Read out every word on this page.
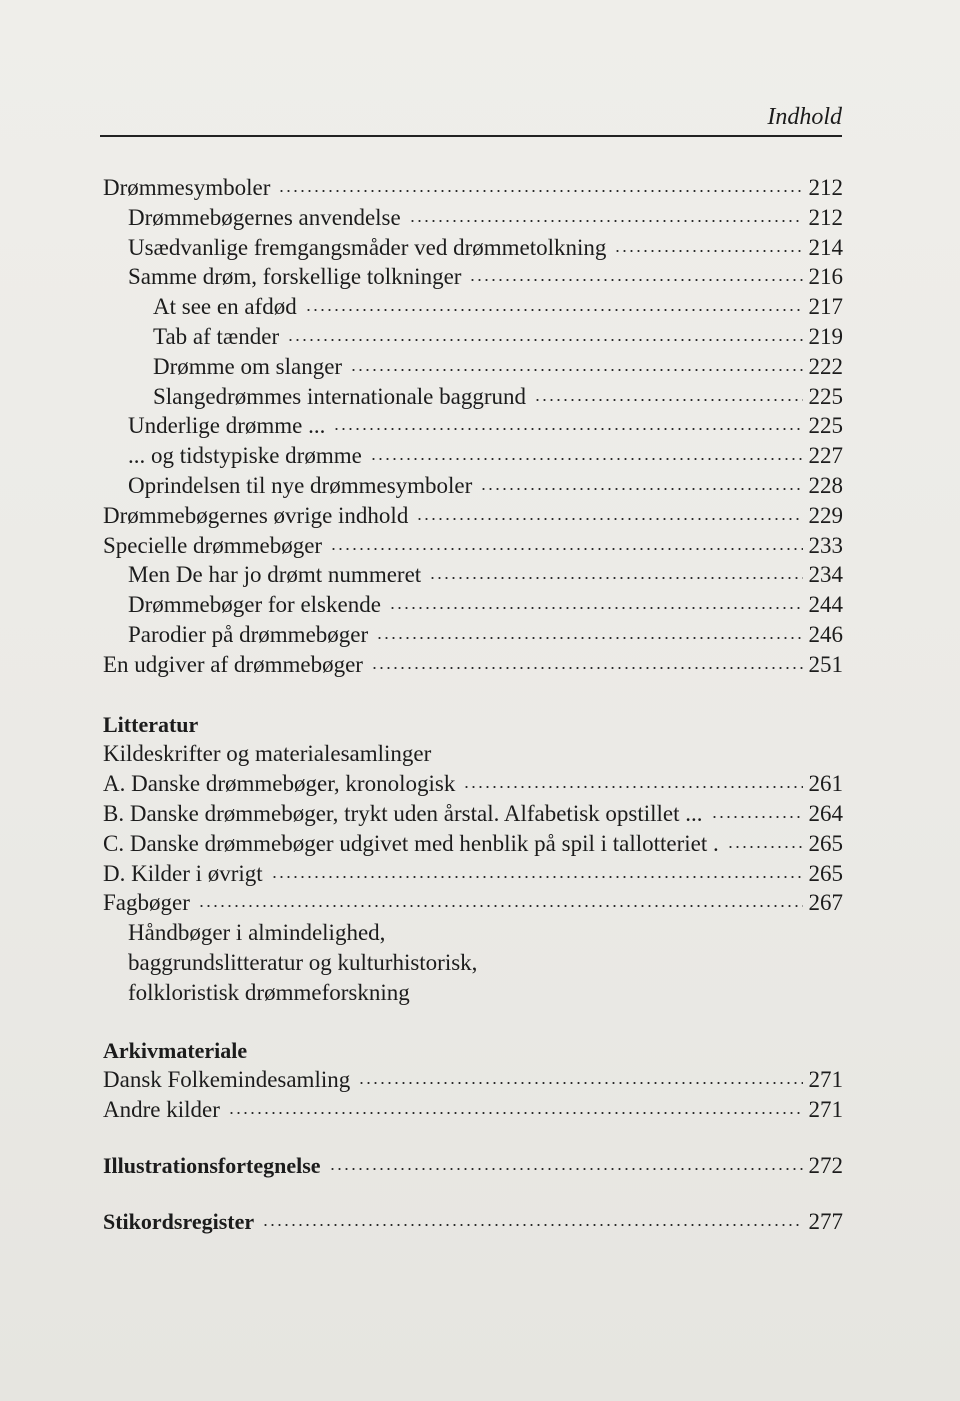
Indhold
Drømmesymboler	212
Drømmebøgernes anvendelse	212
Usædvanlige fremgangsmåder ved drømmetolkning	214
Samme drøm, forskellige tolkninger	216
At see en afdød	217
Tab af tænder	219
Drømme om slanger	222
Slangedrømmes internationale baggrund	225
Underlige drømme ...	225
... og tidstypiske drømme	227
Oprindelsen til nye drømmesymboler	228
Drømmebøgernes øvrige indhold	229
Specielle drømmebøger	233
Men De har jo drømt nummeret	234
Drømmebøger for elskende	244
Parodier på drømmebøger	246
En udgiver af drømmebøger	251
Litteratur
Kildeskrifter og materialesamlinger
A. Danske drømmebøger, kronologisk	261
B. Danske drømmebøger, trykt uden årstal. Alfabetisk opstillet ...	264
C. Danske drømmebøger udgivet med henblik på spil i tallotteriet .	265
D. Kilder i øvrigt	265
Fagbøger	267
Håndbøger i almindelighed,
baggrundslitteratur og kulturhistorisk,
folkloristisk drømmeforskning
Arkivmateriale
Dansk Folkemindesamling	271
Andre kilder	271
Illustrationsfortegnelse	272
Stikordsregister	277
